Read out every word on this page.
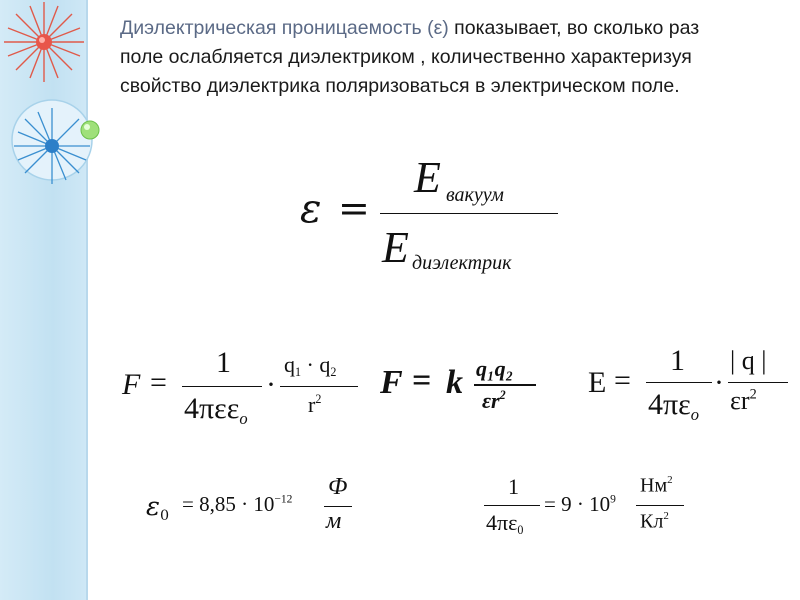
Диэлектрическая проницаемость (ε) показывает, во сколько раз поле ослабляется диэлектриком , количественно характеризуя свойство диэлектрика поляризоваться в электрическом поле.
ε =
E вакуум
E диэлектрик
F =
1
4πεε$_o$
·
$q_1 \cdot q_2$
$r^2$ F = k q₁q₂
$\varepsilon r^2$	E =
1
$4\pi\varepsilon_o$
·
| q |
$\varepsilon r^2$
$\varepsilon_0 = 8,85 \cdot 10^{-12}$ Ф
м
1
$4\pi\varepsilon_0$
= $9 \cdot 10^9$
$Нм^2$
$Кл^2$
